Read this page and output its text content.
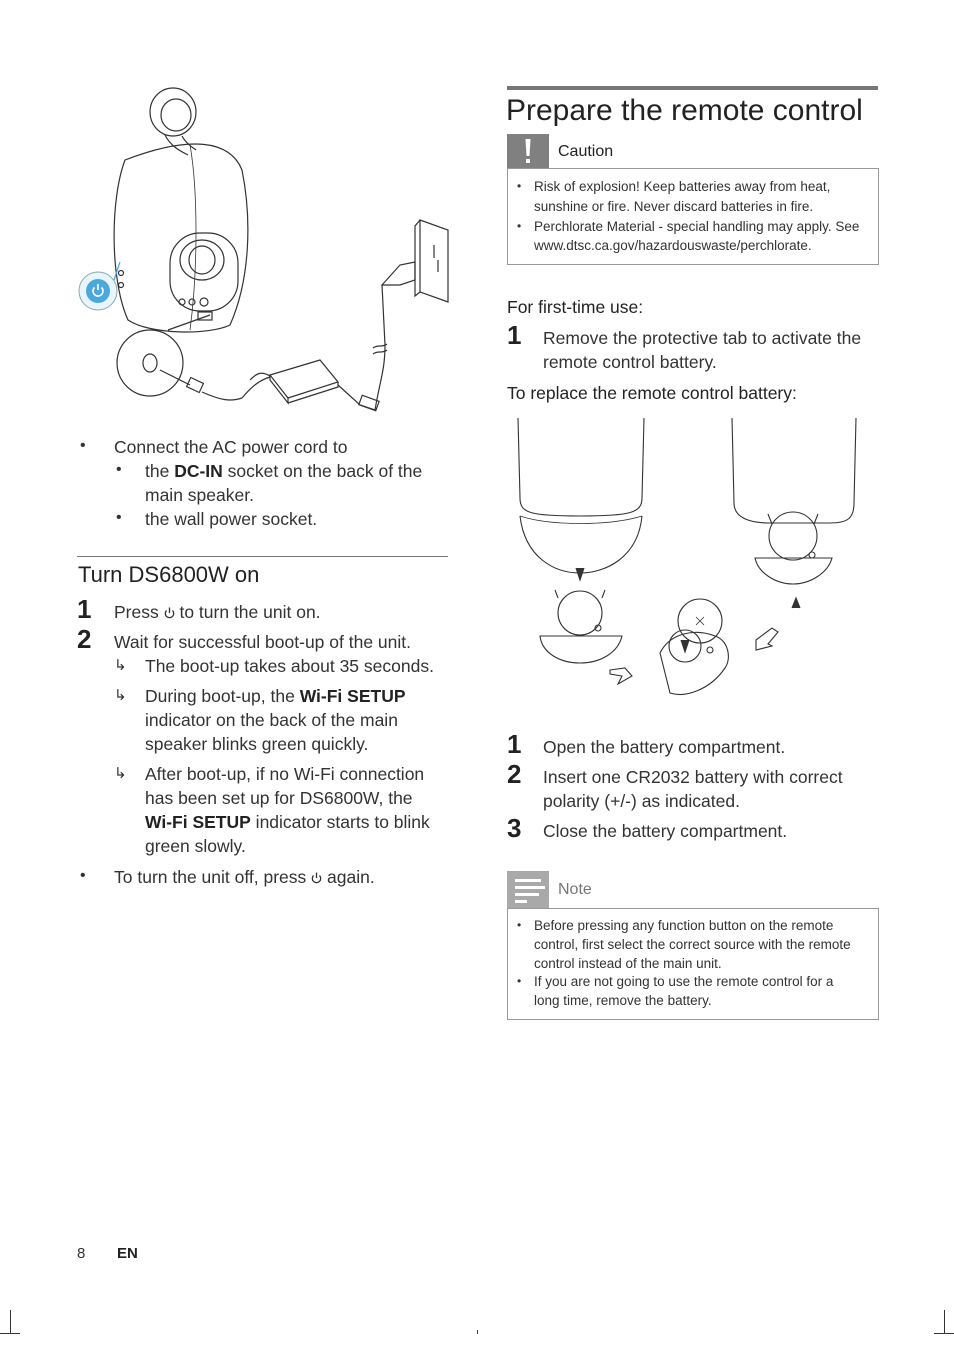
• Connect the AC power cord to
• the DC-IN socket on the back of the
main speaker.
• the wall power socket.
Turn DS6800W on
1 Press  to turn the unit on.
2 Wait for successful boot-up of the unit.
↳ The boot-up takes about 35 seconds.
↳ During boot-up, the Wi-Fi SETUP
indicator on the back of the main
speaker blinks green quickly.
↳ After boot-up, if no Wi-Fi connection
has been set up for DS6800W, the
Wi-Fi SETUP indicator starts to blink
green slowly.
• To turn the unit off, press  again.
Prepare the remote control
Caution
• Risk of explosion! Keep batteries away from heat,
sunshine or fire. Never discard batteries in fire.
• Perchlorate Material - special handling may apply. See
www.dtsc.ca.gov/hazardouswaste/perchlorate.
For first-time use:
1 Remove the protective tab to activate the
remote control battery.
To replace the remote control battery:
1 Open the battery compartment.
2 Insert one CR2032 battery with correct
polarity (+/-) as indicated.
3 Close the battery compartment.
Note
• Before pressing any function button on the remote
control, first select the correct source with the remote
control instead of the main unit.
• If you are not going to use the remote control for a
long time, remove the battery.
8 EN
